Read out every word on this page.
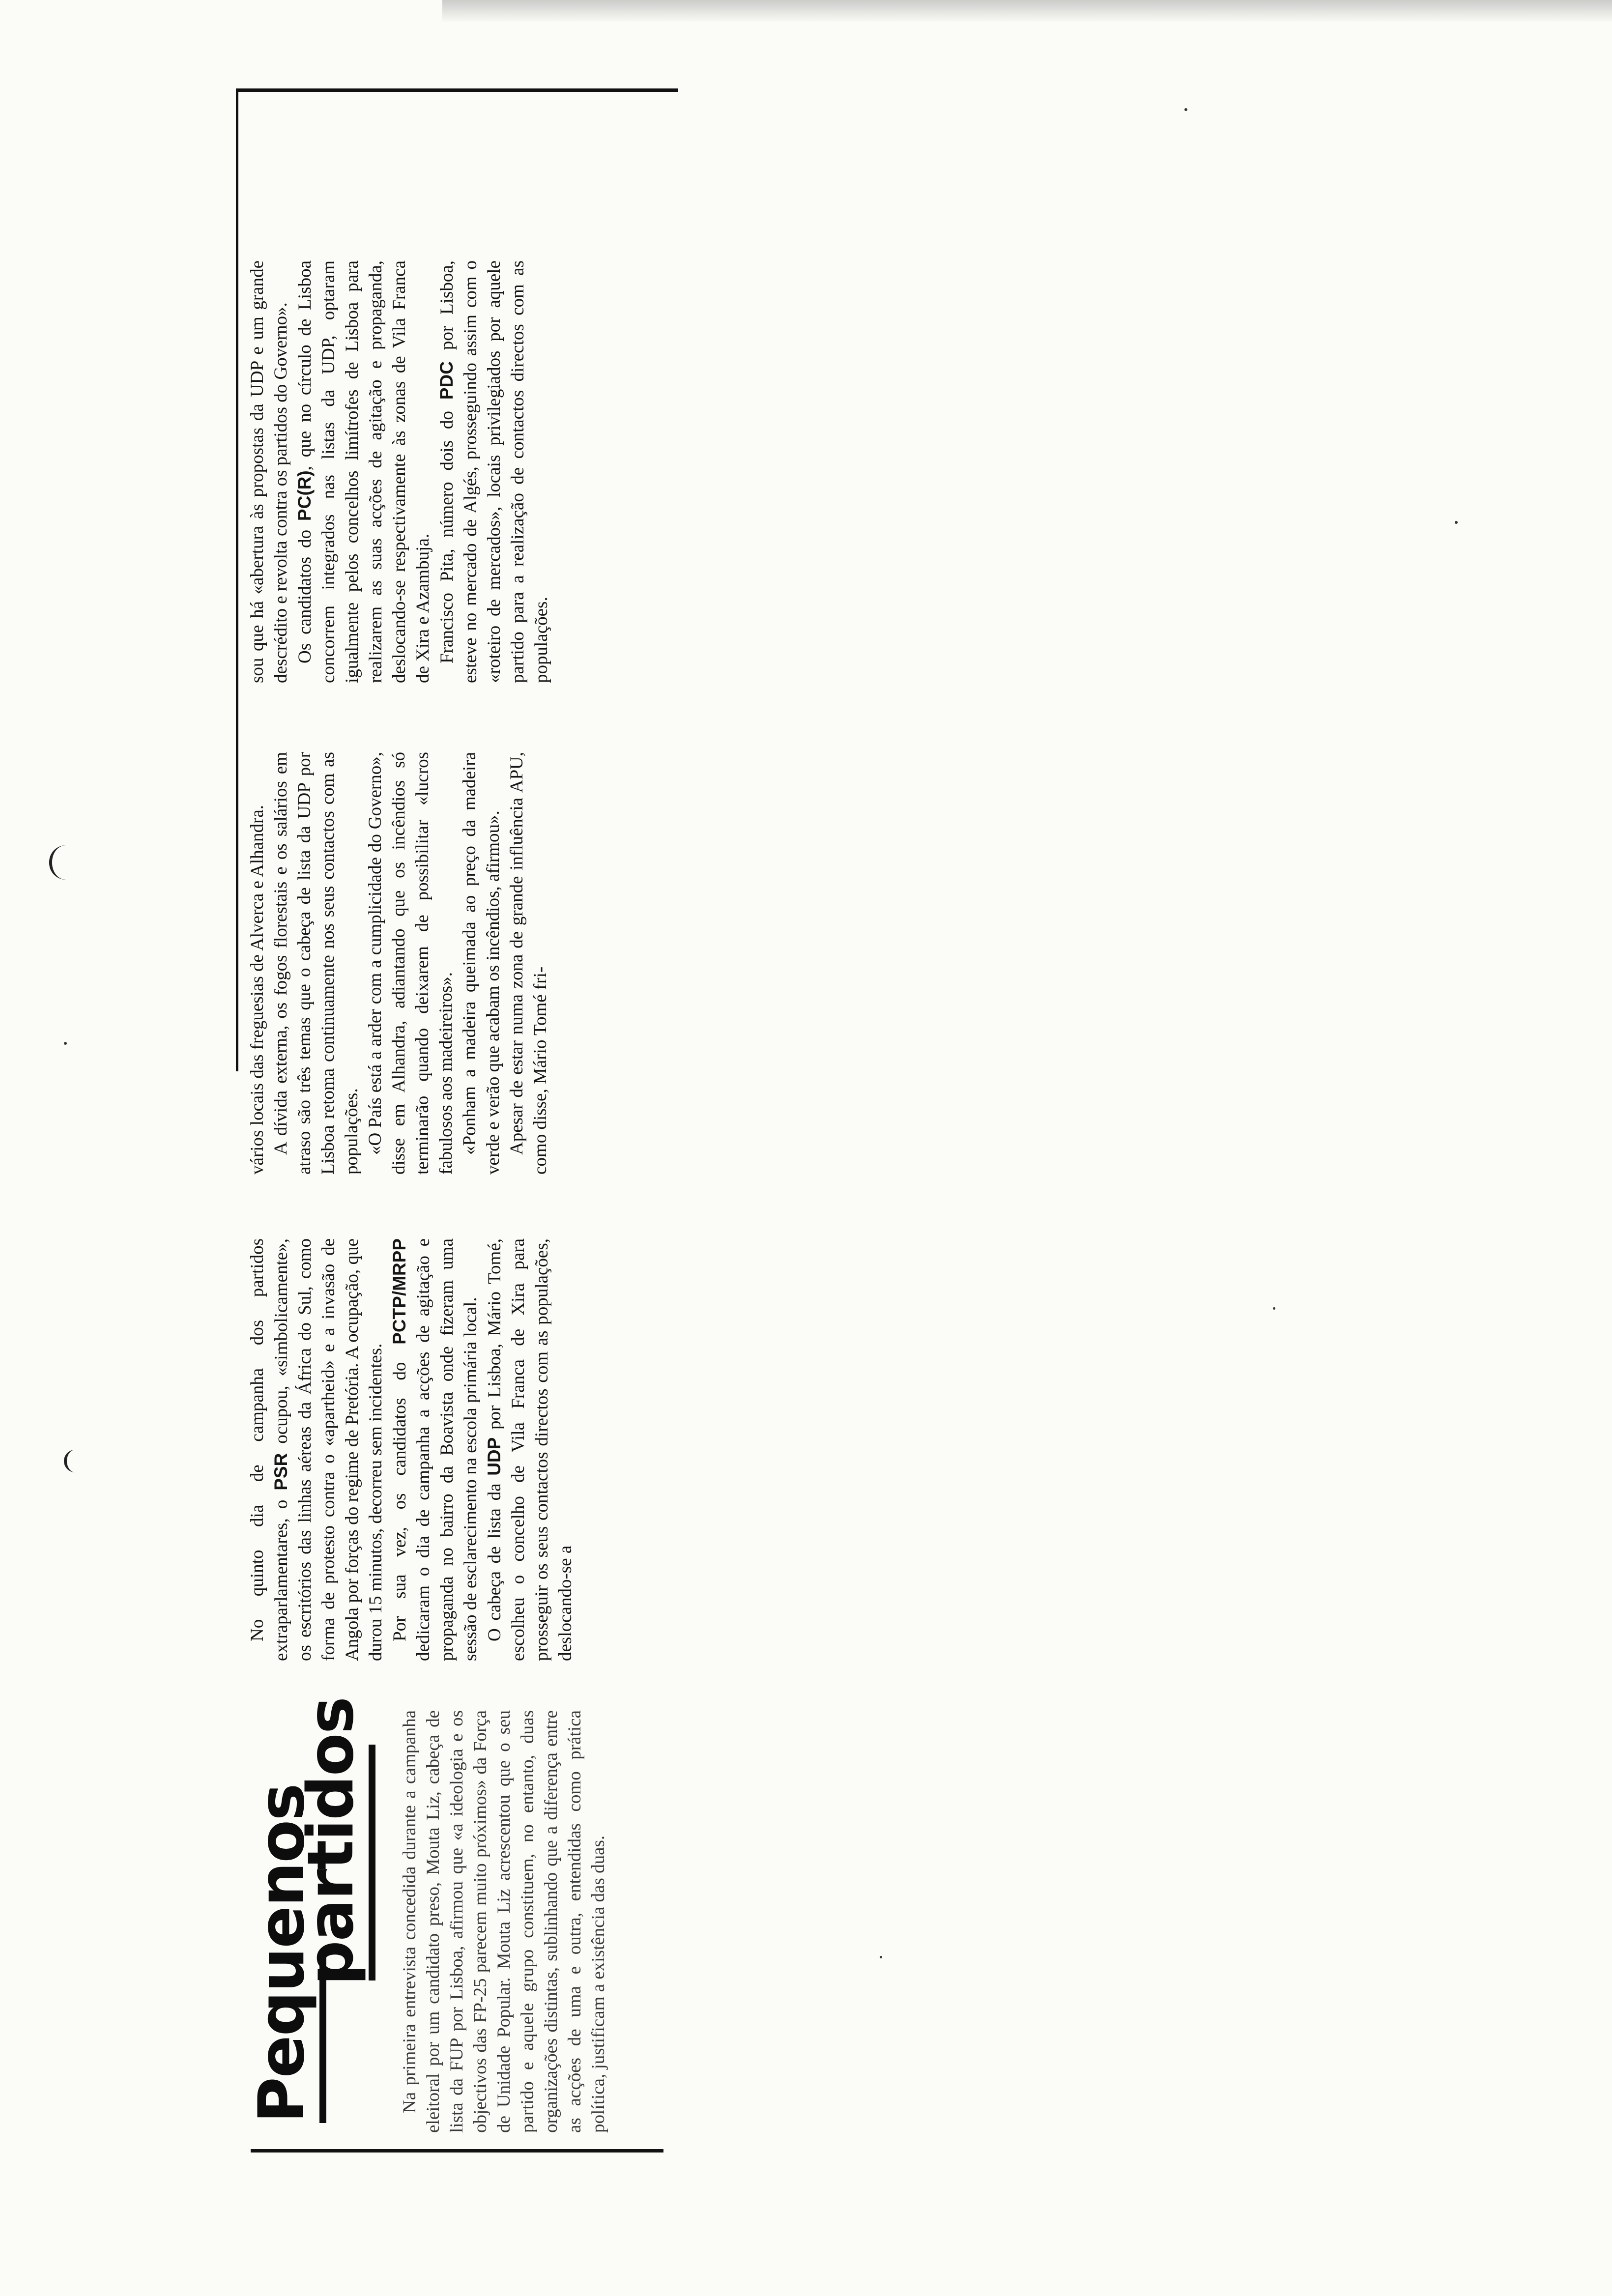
Pequenos
partidos Na primeira entrevista concedida durante a campanha eleitoral por um candidato preso, Mouta Liz, cabeça de lista da FUP por Lisboa, afirmou que «a ideologia e os objectivos das FP-25 parecem muito próximos» da Força de Unidade Popular. Mouta Liz acrescentou que o seu partido e aquele grupo constituem, no entanto, duas organizações distintas, sublinhando que a diferença entre as acções de uma e outra, entendidas como prática política, justificam a existência das duas.

No quinto dia de campanha dos partidos extraparlamentares, o PSR ocupou, «simbolicamente», os escritórios das linhas aéreas da África do Sul, como forma de protesto contra o «apartheid» e a invasão de Angola por forças do regime de Pretória. A ocupação, que durou 15 minutos, decorreu sem incidentes. Por sua vez, os candidatos do PCTP/MRPP dedicaram o dia de campanha a acções de agitação e propaganda no bairro da Boavista onde fizeram uma sessão de esclarecimento na escola primária local. O cabeça de lista da UDP por Lisboa, Mário Tomé, escolheu o concelho de Vila Franca de Xira para prosseguir os seus contactos directos com as populações, deslocando-se a

vários locais das freguesias de Alverca e Alhandra. A dívida externa, os fogos florestais e os salários em atraso são três temas que o cabeça de lista da UDP por Lisboa retoma continuamente nos seus contactos com as populações. «O País está a arder com a cumplicidade do Governo», disse em Alhandra, adiantando que os incêndios só terminarão quando deixarem de possibilitar «lucros fabulosos aos madeireiros». «Ponham a madeira queimada ao preço da madeira verde e verão que acabam os incêndios, afirmou». Apesar de estar numa zona de grande influência APU, como disse, Mário Tomé fri-

sou que há «abertura às propostas da UDP e um grande descrédito e revolta contra os partidos do Governo». Os candidatos do PC(R), que no círculo de Lisboa concorrem integrados nas listas da UDP, optaram igualmente pelos concelhos limítrofes de Lisboa para realizarem as suas acções de agitação e propaganda, deslocando-se respectivamente às zonas de Vila Franca de Xira e Azambuja. Francisco Pita, número dois do PDC por Lisboa, esteve no mercado de Algés, prosseguindo assim com o «roteiro de mercados», locais privilegiados por aquele partido para a realização de contactos directos com as populações.
